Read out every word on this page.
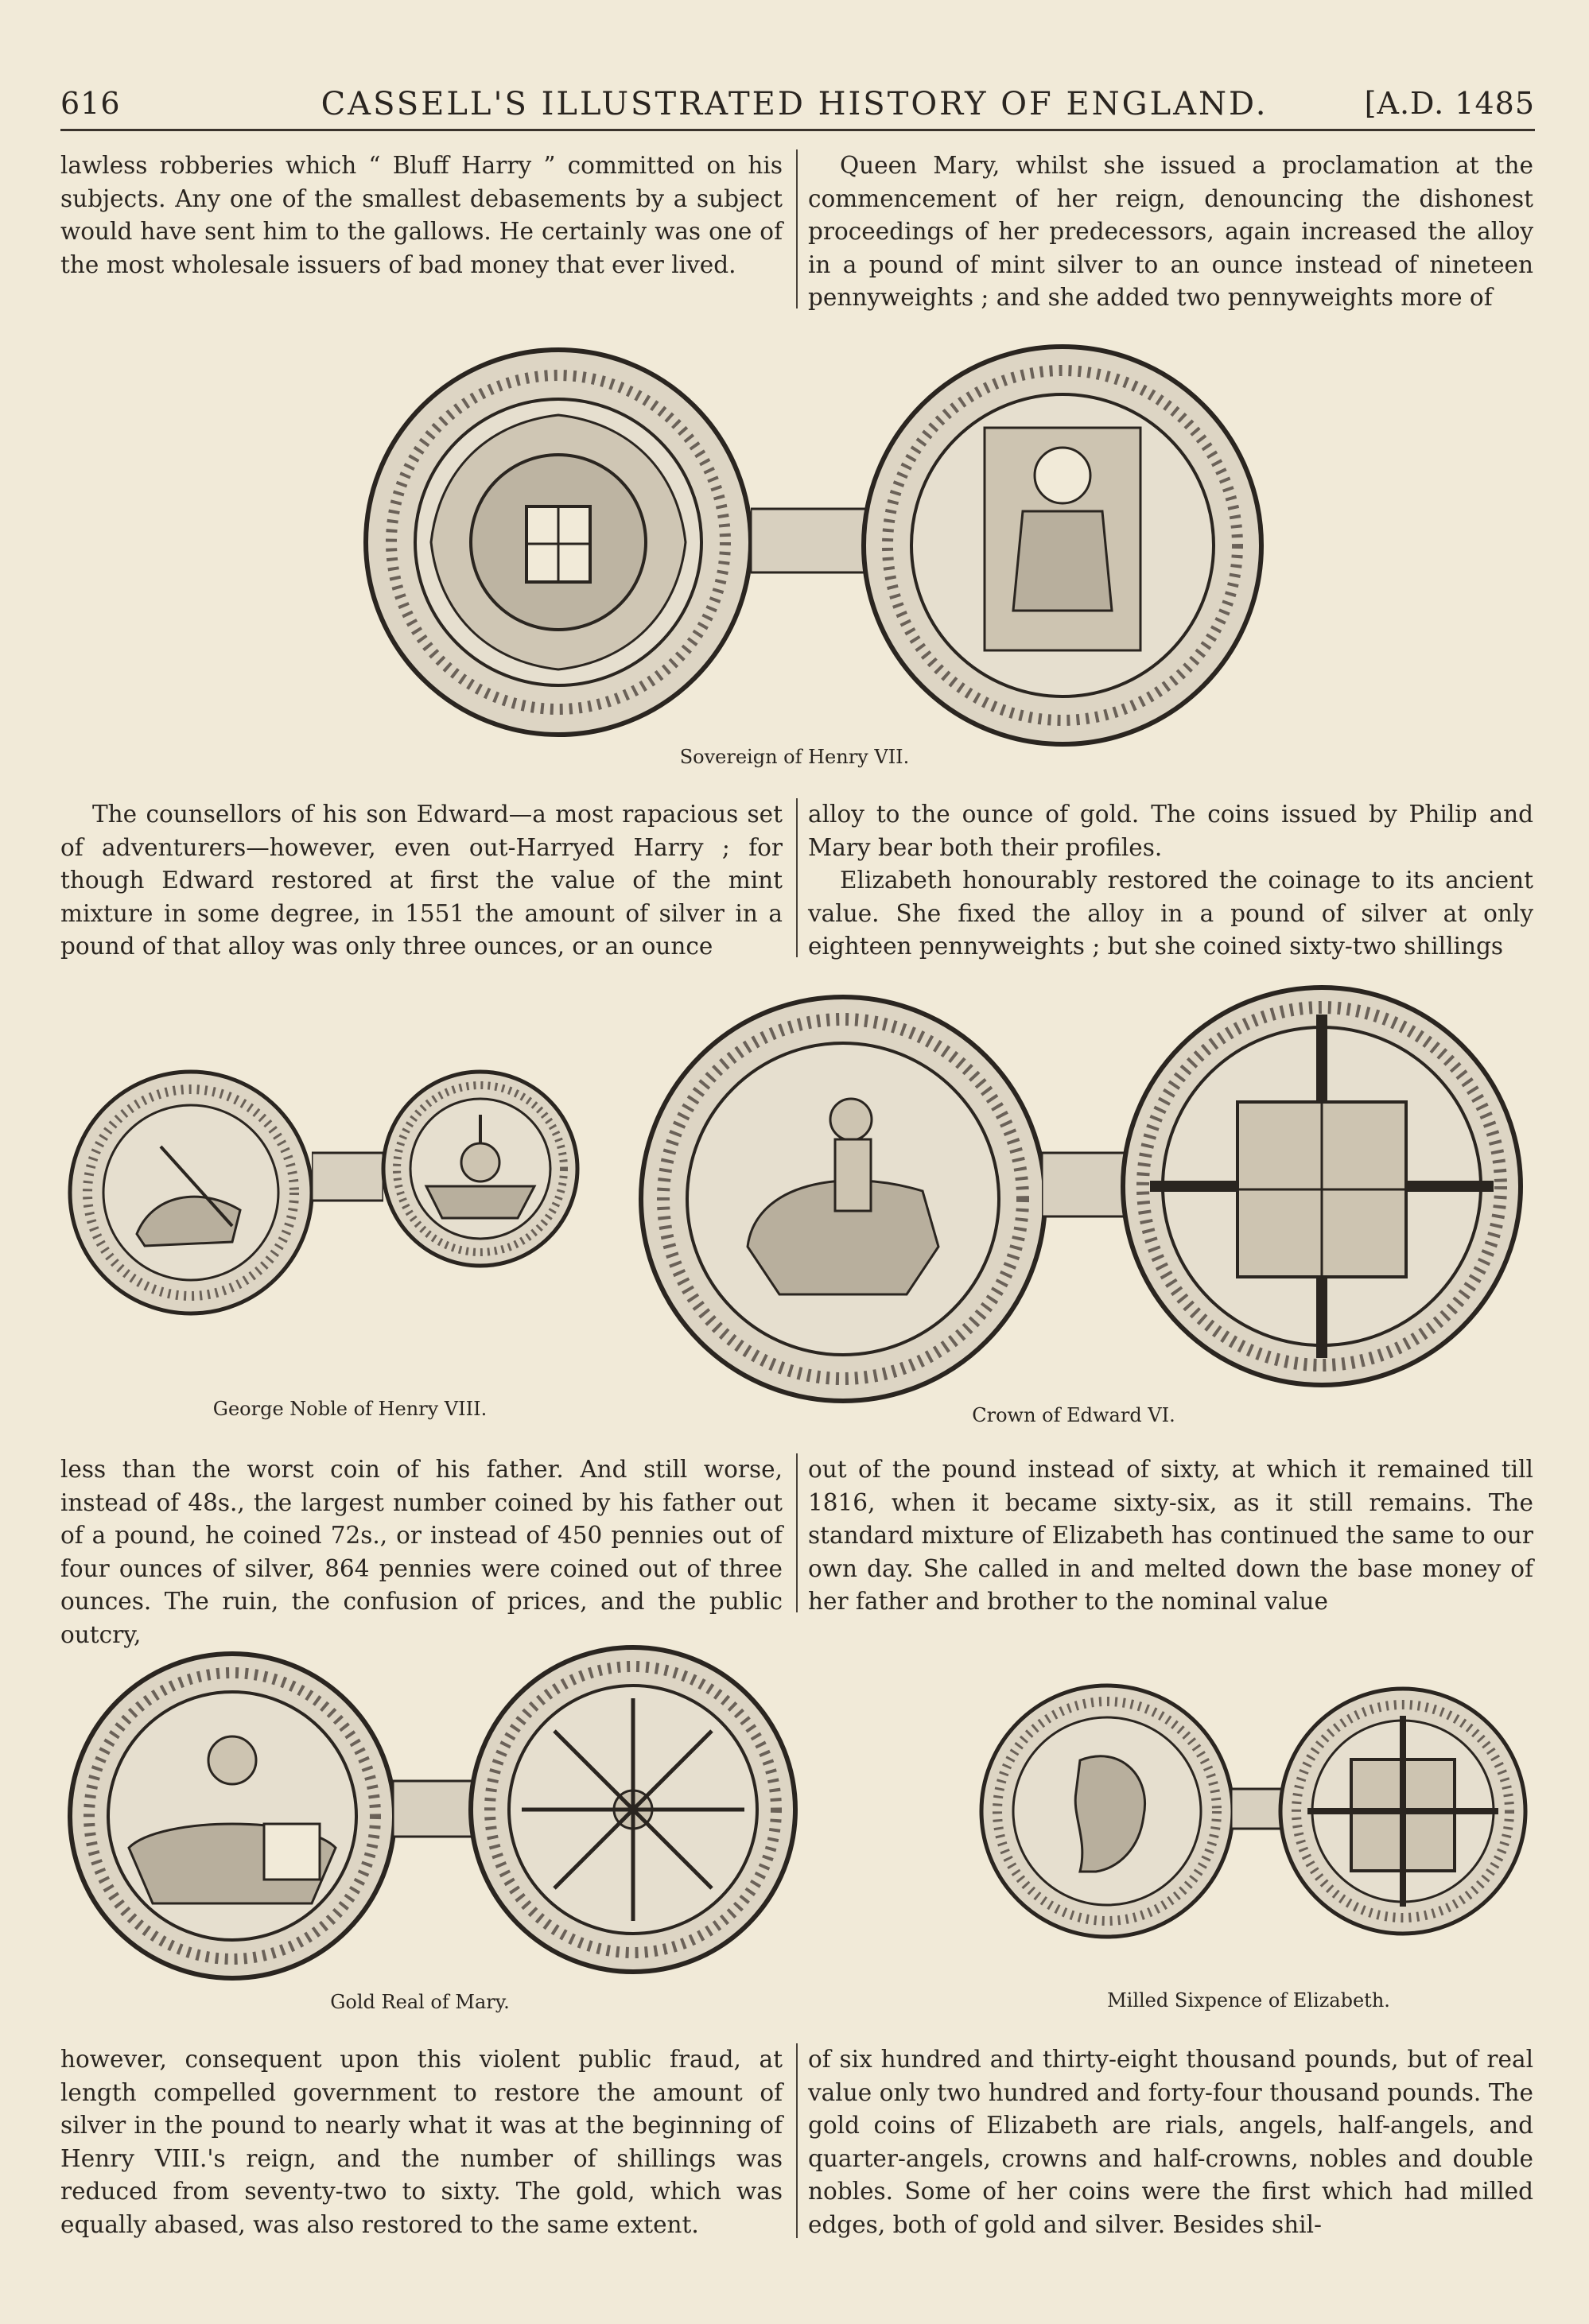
616	CASSELL'S ILLUSTRATED HISTORY OF ENGLAND.	[A.D. 1485

lawless robberies which “ Bluff Harry ” committed on his subjects. Any one of the smallest debasements by a subject would have sent him to the gallows. He certainly was one of the most wholesale issuers of bad money that ever lived.

Queen Mary, whilst she issued a proclamation at the commencement of her reign, denouncing the dishonest proceedings of her predecessors, again increased the alloy in a pound of mint silver to an ounce instead of nineteen pennyweights ; and she added two pennyweights more of

Sovereign of Henry VII.

The counsellors of his son Edward—a most rapacious set of adventurers—however, even out-Harryed Harry ; for though Edward restored at first the value of the mint mixture in some degree, in 1551 the amount of silver in a pound of that alloy was only three ounces, or an ounce

alloy to the ounce of gold. The coins issued by Philip and Mary bear both their profiles.

Elizabeth honourably restored the coinage to its ancient value. She fixed the alloy in a pound of silver at only eighteen pennyweights ; but she coined sixty-two shillings

George Noble of Henry VIII.	Crown of Edward VI.

less than the worst coin of his father. And still worse, instead of 48s., the largest number coined by his father out of a pound, he coined 72s., or instead of 450 pennies out of four ounces of silver, 864 pennies were coined out of three ounces. The ruin, the confusion of prices, and the public outcry,

out of the pound instead of sixty, at which it remained till 1816, when it became sixty-six, as it still remains. The standard mixture of Elizabeth has continued the same to our own day. She called in and melted down the base money of her father and brother to the nominal value

Gold Real of Mary.	Milled Sixpence of Elizabeth.

however, consequent upon this violent public fraud, at length compelled government to restore the amount of silver in the pound to nearly what it was at the beginning of Henry VIII.'s reign, and the number of shillings was reduced from seventy-two to sixty. The gold, which was equally abased, was also restored to the same extent.

of six hundred and thirty-eight thousand pounds, but of real value only two hundred and forty-four thousand pounds. The gold coins of Elizabeth are rials, angels, half-angels, and quarter-angels, crowns and half-crowns, nobles and double nobles. Some of her coins were the first which had milled edges, both of gold and silver. Besides shil-
